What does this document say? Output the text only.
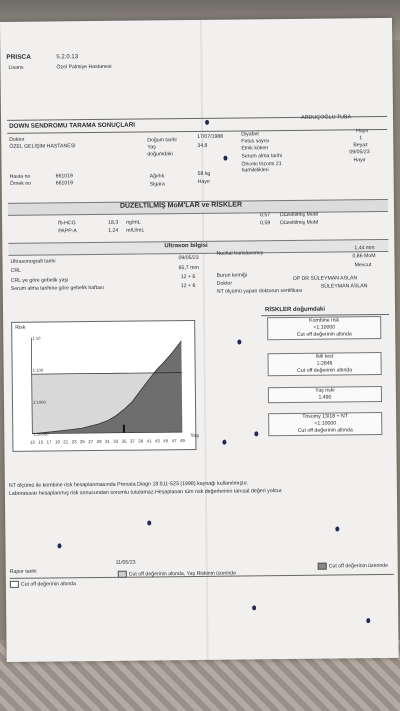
PRISCA	5.2.0.13
Lisans	Özel Palmiye Hastanesi
DOWN SENDROMU TARAMA SONUÇLARI
ARDUÇOĞLU TUBA
Doktor
ÖZEL GELİŞİM HASTANESİ
Doğum tarihi
17/07/1988
Yaş	34,8
doğumdaki
Diyabet
Hayır
Fetus sayısı	1
Etnik köken	Beyaz
Serum alma tarihi
09/05/23
Önceki trizomi 21
hamilelikleri
Hayır
Hasta no	661019
Örnek no	661019
Ağırlık	58 kg
Sigara	Hayır
DÜZELTİLMİŞ MoM'LAR ve RİSKLER
fb-HCG	18,3 ng/mL
0,57 Düzeltilmiş MoM
PAPP-A	1,24 mIU/mL
0,59 Düzeltilmiş MoM
Ultrason bilgisi
Ultrasonografi tarihi
09/05/23
CRL	65,7 mm
CRL ye göre gebelik yaşı
12 + 6
Serum alma tarihine göre gebelik haftası	12 + 6
Nuchal translucency
1,44 mm
0,86 MoM
Burun kemiği
Mevcut
Doktor
OP DR SÜLEYMAN ASLAN
NT ölçümü yapan doktorun sertifikası
SÜLEYMAN ASLAN
Risk
Yaş
13 15 17 19 21 23 25 27 29 31 33 35 37 39 41 43 45 47 49
1:10
1:100
1:1000
1:10000
RİSKLER doğumdaki
Kombine risk
<1:10000
Cut off değerinin altında
İkili test
1:2846
Cut off değerinin altında
Yaş riski
1:490
Trisomy 13/18 + NT
<1:10000
Cut off değerinin altında
NT ölçümü ile kombine risk hesaplanmasında Prenata Diagn 18:511-523 (1998) kaynağı kullanılmıştır.
Laboratuvar hesaplanmış risk sonucundan sorumlu tutulamaz.Hesaplanan tüm risk değerlerinin tanısal değeri yoktur.
Rapor tarihi
11/05/23
Cut off değerinin altında
Cut off değerinin altında, Yaş Riskinin üzerinde
Cut off değerinin üzerinde
